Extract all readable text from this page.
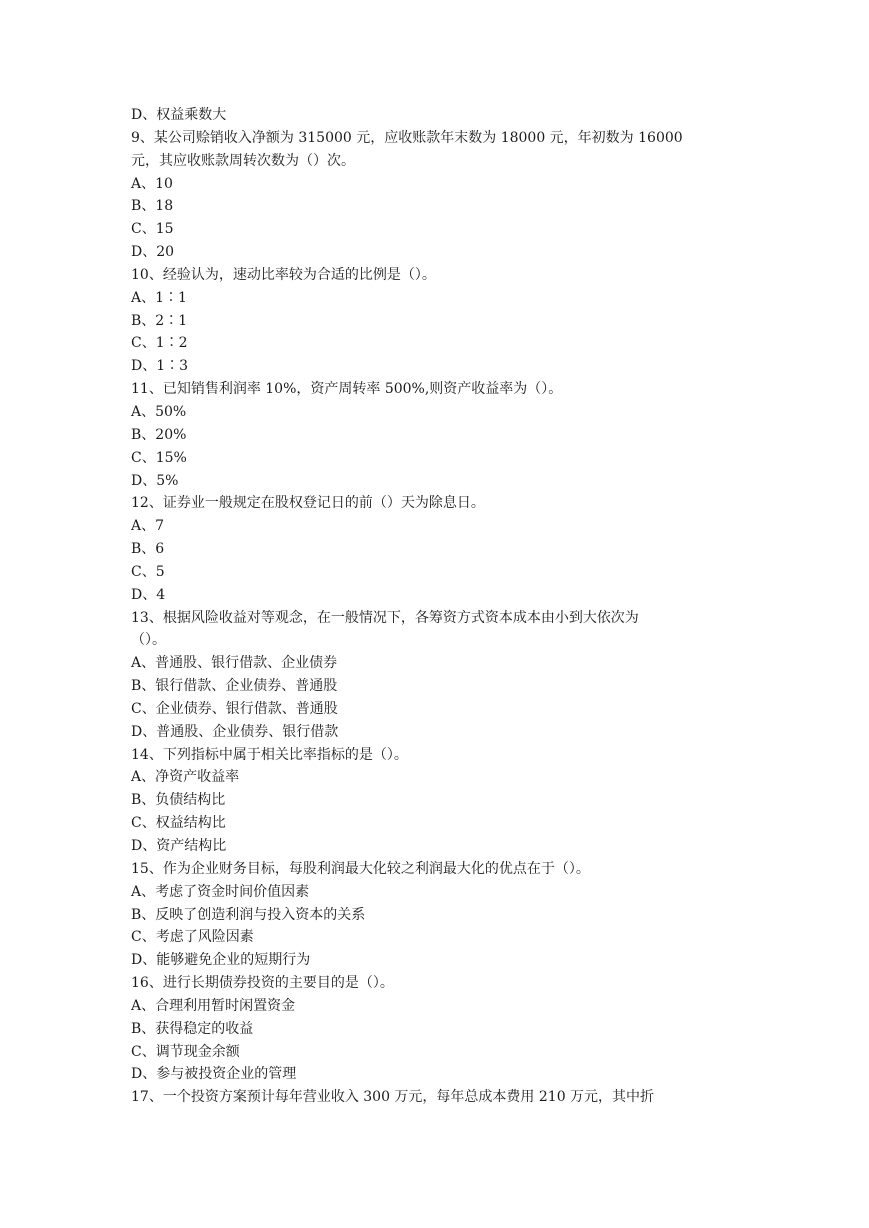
D、权益乘数大

9、某公司赊销收入净额为 315000 元，应收账款年末数为 18000 元，年初数为 16000

元，其应收账款周转次数为（）次。

A、10

B、18

C、15

D、20

10、经验认为，速动比率较为合适的比例是（）。

A、1∶1

B、2∶1

C、1∶2

D、1∶3

11、已知销售利润率 10%，资产周转率 500%,则资产收益率为（）。

A、50%

B、20%

C、15%

D、5%

12、证券业一般规定在股权登记日的前（）天为除息日。

A、7

B、6

C、5

D、4

13、根据风险收益对等观念，在一般情况下，各筹资方式资本成本由小到大依次为

（）。

A、普通股、银行借款、企业债券

B、银行借款、企业债券、普通股

C、企业债券、银行借款、普通股

D、普通股、企业债券、银行借款

14、下列指标中属于相关比率指标的是（）。

A、净资产收益率

B、负债结构比

C、权益结构比

D、资产结构比

15、作为企业财务目标，每股利润最大化较之利润最大化的优点在于（）。

A、考虑了资金时间价值因素

B、反映了创造利润与投入资本的关系

C、考虑了风险因素

D、能够避免企业的短期行为

16、进行长期债券投资的主要目的是（）。

A、合理利用暂时闲置资金

B、获得稳定的收益

C、调节现金余额

D、参与被投资企业的管理

17、一个投资方案预计每年营业收入 300 万元，每年总成本费用 210 万元，其中折
